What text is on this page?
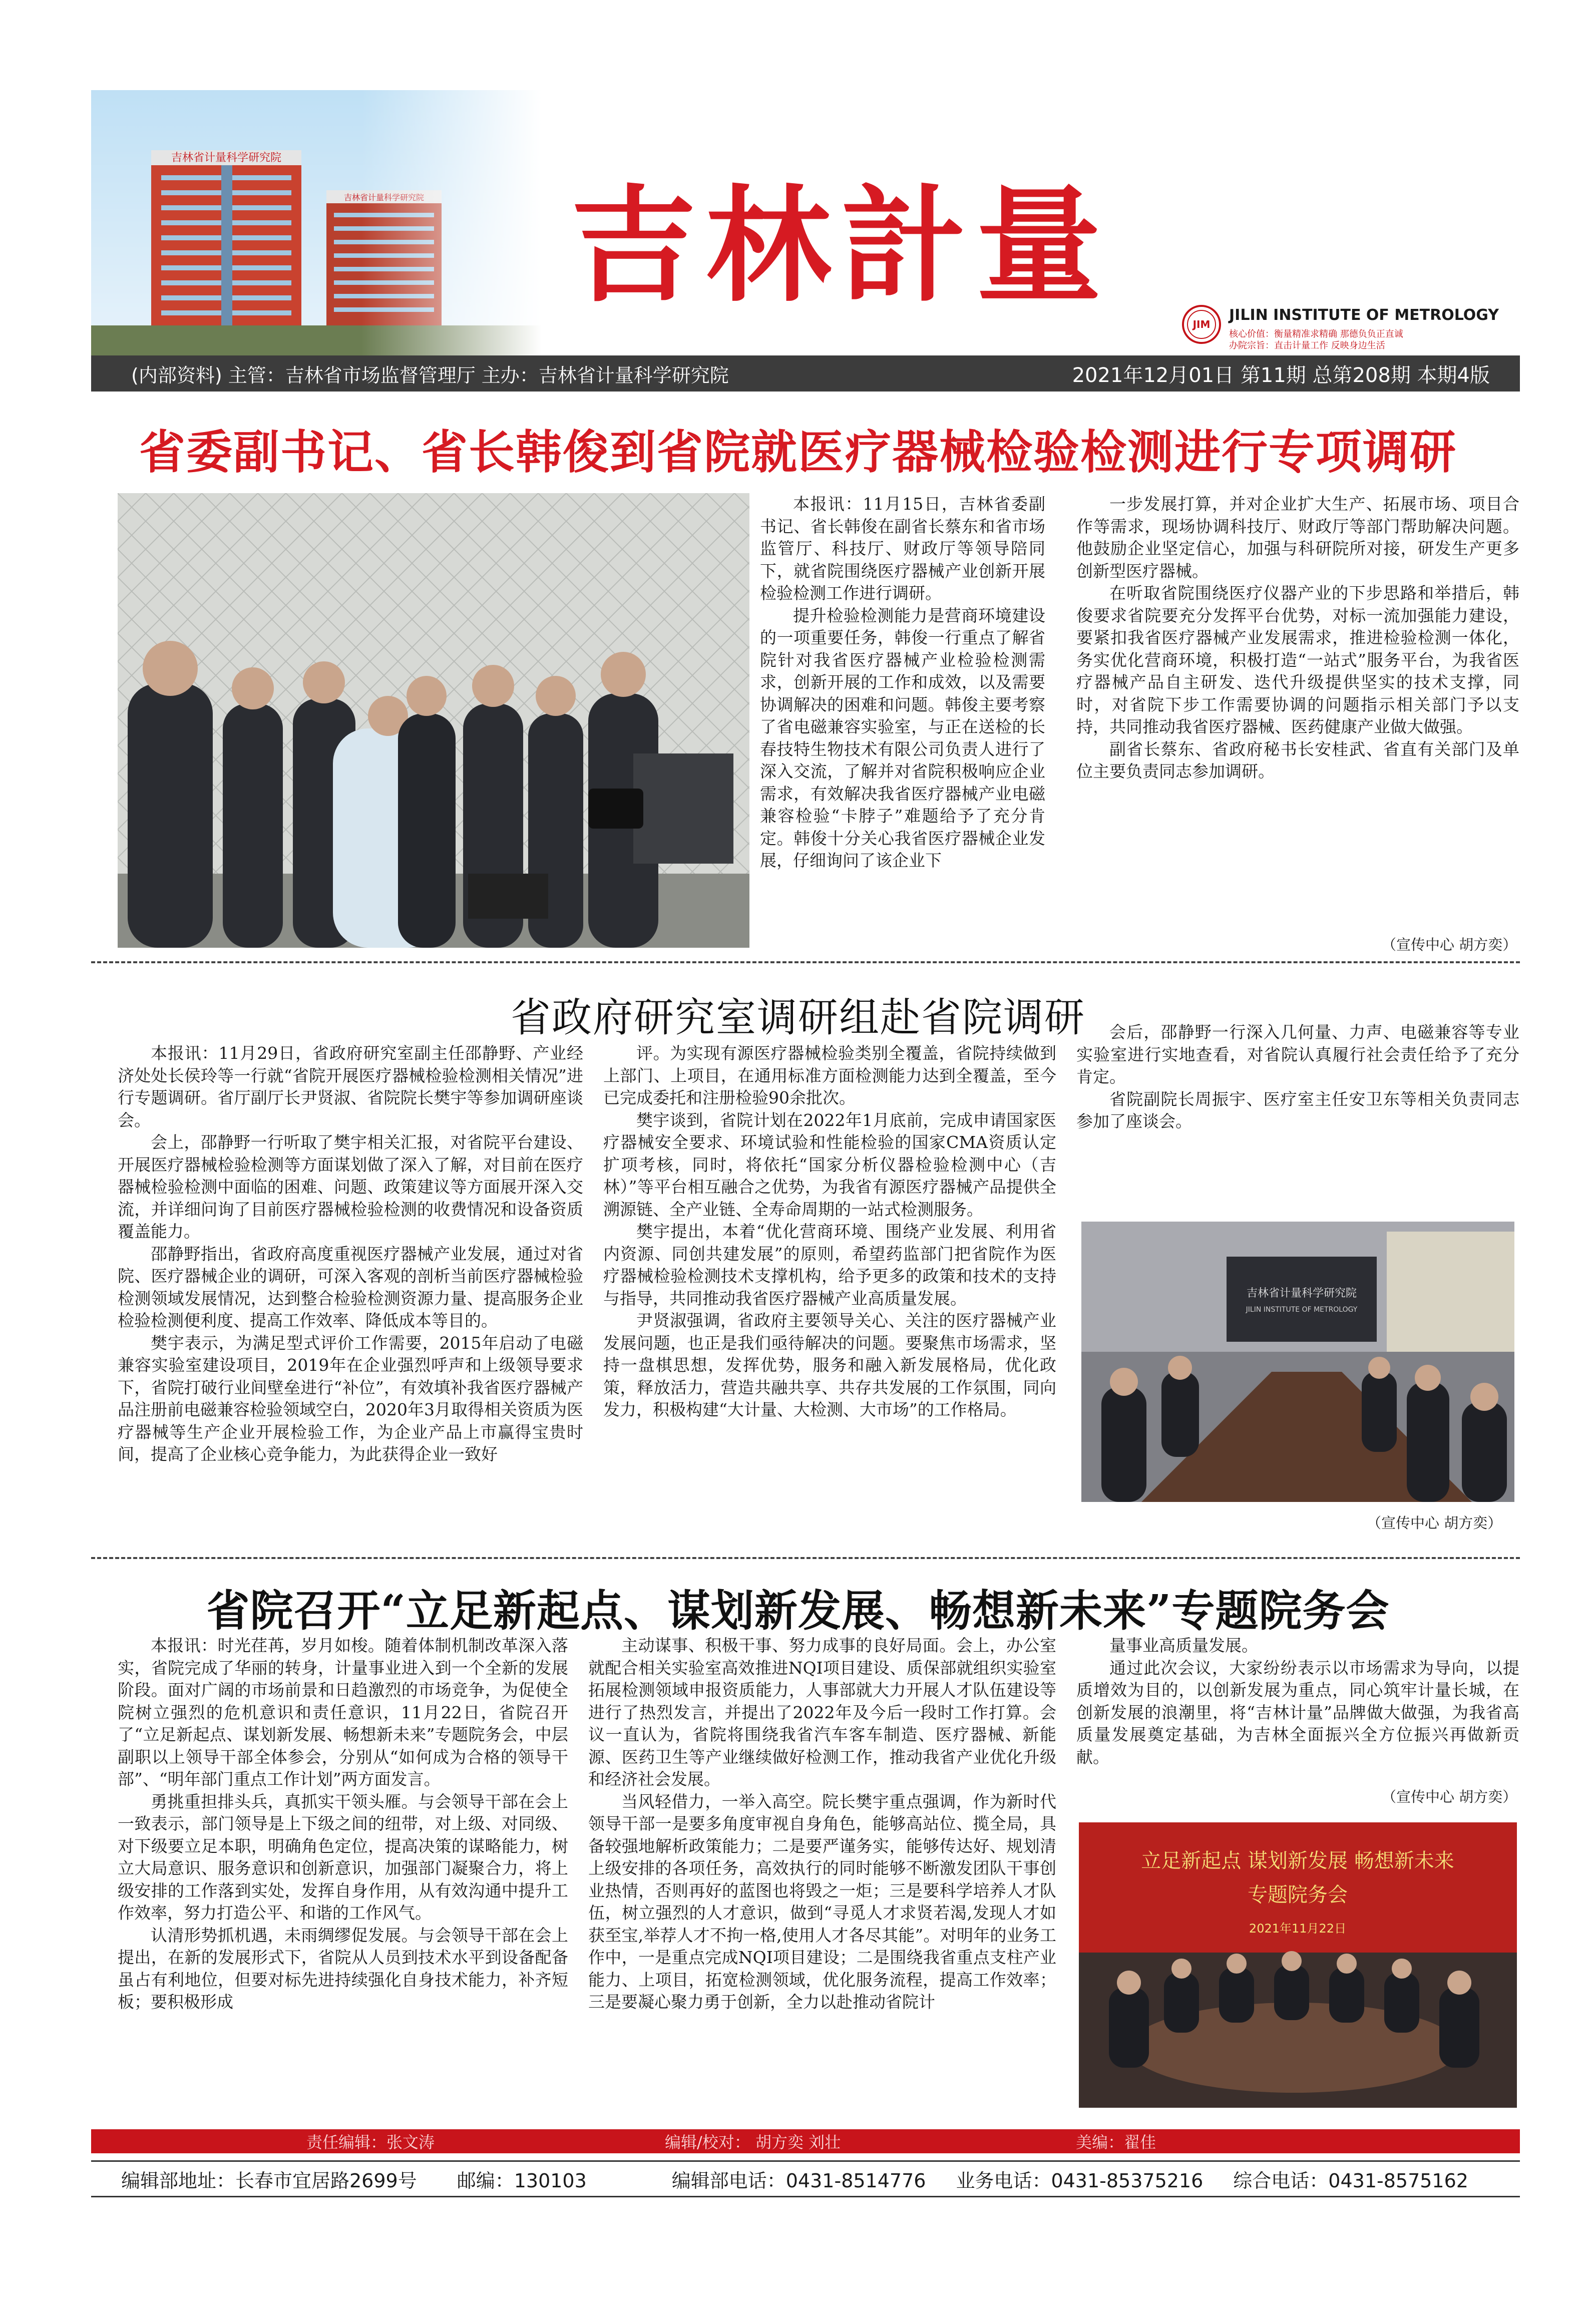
吉林計量
JIM
JILIN INSTITUTE OF METROLOGY
核心价值：衡量精准求精确 那德负负正直诚
办院宗旨：直击计量工作 反映身边生活
(内部资料) 主管：吉林省市场监督管理厅 主办：吉林省计量科学研究院	2021年12月01日 第11期 总第208期 本期4版
省委副书记、省长韩俊到省院就医疗器械检验检测进行专项调研

本报讯：11月15日，吉林省委副书记、省长韩俊在副省长蔡东和省市场监管厅、科技厅、财政厅等领导陪同下，就省院围绕医疗器械产业创新开展检验检测工作进行调研。

提升检验检测能力是营商环境建设的一项重要任务，韩俊一行重点了解省院针对我省医疗器械产业检验检测需求，创新开展的工作和成效，以及需要协调解决的困难和问题。韩俊主要考察了省电磁兼容实验室，与正在送检的长春技特生物技术有限公司负责人进行了深入交流，了解并对省院积极响应企业需求，有效解决我省医疗器械产业电磁兼容检验“卡脖子”难题给予了充分肯定。韩俊十分关心我省医疗器械企业发展，仔细询问了该企业下

一步发展打算，并对企业扩大生产、拓展市场、项目合作等需求，现场协调科技厅、财政厅等部门帮助解决问题。他鼓励企业坚定信心，加强与科研院所对接，研发生产更多创新型医疗器械。

在听取省院围绕医疗仪器产业的下步思路和举措后，韩俊要求省院要充分发挥平台优势，对标一流加强能力建设，要紧扣我省医疗器械产业发展需求，推进检验检测一体化，务实优化营商环境，积极打造“一站式”服务平台，为我省医疗器械产品自主研发、迭代升级提供坚实的技术支撑，同时，对省院下步工作需要协调的问题指示相关部门予以支持，共同推动我省医疗器械、医药健康产业做大做强。

副省长蔡东、省政府秘书长安桂武、省直有关部门及单位主要负责同志参加调研。

（宣传中心 胡方奕）
省政府研究室调研组赴省院调研

本报讯：11月29日，省政府研究室副主任邵静野、产业经济处处长侯玲等一行就“省院开展医疗器械检验检测相关情况”进行专题调研。省厅副厅长尹贤淑、省院院长樊宇等参加调研座谈会。

会上，邵静野一行听取了樊宇相关汇报，对省院平台建设、开展医疗器械检验检测等方面谋划做了深入了解，对目前在医疗器械检验检测中面临的困难、问题、政策建议等方面展开深入交流，并详细问询了目前医疗器械检验检测的收费情况和设备资质覆盖能力。

邵静野指出，省政府高度重视医疗器械产业发展，通过对省院、医疗器械企业的调研，可深入客观的剖析当前医疗器械检验检测领域发展情况，达到整合检验检测资源力量、提高服务企业检验检测便利度、提高工作效率、降低成本等目的。

樊宇表示，为满足型式评价工作需要，2015年启动了电磁兼容实验室建设项目，2019年在企业强烈呼声和上级领导要求下，省院打破行业间壁垒进行“补位”，有效填补我省医疗器械产品注册前电磁兼容检验领域空白，2020年3月取得相关资质为医疗器械等生产企业开展检验工作，为企业产品上市赢得宝贵时间，提高了企业核心竞争能力，为此获得企业一致好

评。为实现有源医疗器械检验类别全覆盖，省院持续做到上部门、上项目，在通用标准方面检测能力达到全覆盖，至今已完成委托和注册检验90余批次。

樊宇谈到，省院计划在2022年1月底前，完成申请国家医疗器械安全要求、环境试验和性能检验的国家CMA资质认定扩项考核，同时，将依托“国家分析仪器检验检测中心（吉林）”等平台相互融合之优势，为我省有源医疗器械产品提供全溯源链、全产业链、全寿命周期的一站式检测服务。

樊宇提出，本着“优化营商环境、围绕产业发展、利用省内资源、同创共建发展”的原则，希望药监部门把省院作为医疗器械检验检测技术支撑机构，给予更多的政策和技术的支持与指导，共同推动我省医疗器械产业高质量发展。

尹贤淑强调，省政府主要领导关心、关注的医疗器械产业发展问题，也正是我们亟待解决的问题。要聚焦市场需求，坚持一盘棋思想，发挥优势，服务和融入新发展格局，优化政策，释放活力，营造共融共享、共存共发展的工作氛围，同向发力，积极构建“大计量、大检测、大市场”的工作格局。

会后，邵静野一行深入几何量、力声、电磁兼容等专业实验室进行实地查看，对省院认真履行社会责任给予了充分肯定。

省院副院长周振宇、医疗室主任安卫东等相关负责同志参加了座谈会。

吉林省计量科学研究院
JILIN INSTITUTE OF METROLOGY
（宣传中心 胡方奕）
省院召开“立足新起点、谋划新发展、畅想新未来”专题院务会

本报讯：时光荏苒，岁月如梭。随着体制机制改革深入落实，省院完成了华丽的转身，计量事业进入到一个全新的发展阶段。面对广阔的市场前景和日趋激烈的市场竞争，为促使全院树立强烈的危机意识和责任意识，11月22日，省院召开了“立足新起点、谋划新发展、畅想新未来”专题院务会，中层副职以上领导干部全体参会，分别从“如何成为合格的领导干部”、“明年部门重点工作计划”两方面发言。

勇挑重担排头兵，真抓实干领头雁。与会领导干部在会上一致表示，部门领导是上下级之间的纽带，对上级、对同级、对下级要立足本职，明确角色定位，提高决策的谋略能力，树立大局意识、服务意识和创新意识，加强部门凝聚合力，将上级安排的工作落到实处，发挥自身作用，从有效沟通中提升工作效率，努力打造公平、和谐的工作风气。

认清形势抓机遇，未雨绸缪促发展。与会领导干部在会上提出，在新的发展形式下，省院从人员到技术水平到设备配备虽占有利地位，但要对标先进持续强化自身技术能力，补齐短板；要积极形成

主动谋事、积极干事、努力成事的良好局面。会上，办公室就配合相关实验室高效推进NQI项目建设、质保部就组织实验室拓展检测领域申报资质能力，人事部就大力开展人才队伍建设等进行了热烈发言，并提出了2022年及今后一段时工作打算。会议一直认为，省院将围绕我省汽车客车制造、医疗器械、新能源、医药卫生等产业继续做好检测工作，推动我省产业优化升级和经济社会发展。

当风轻借力，一举入高空。院长樊宇重点强调，作为新时代领导干部一是要多角度审视自身角色，能够高站位、揽全局，具备较强地解析政策能力；二是要严谨务实，能够传达好、规划清上级安排的各项任务，高效执行的同时能够不断激发团队干事创业热情，否则再好的蓝图也将毁之一炬；三是要科学培养人才队伍，树立强烈的人才意识，做到“寻觅人才求贤若渴,发现人才如获至宝,举荐人才不拘一格,使用人才各尽其能”。对明年的业务工作中，一是重点完成NQI项目建设；二是围绕我省重点支柱产业能力、上项目，拓宽检测领域，优化服务流程，提高工作效率；三是要凝心聚力勇于创新，全力以赴推动省院计

量事业高质量发展。

通过此次会议，大家纷纷表示以市场需求为导向，以提质增效为目的，以创新发展为重点，同心筑牢计量长城，在创新发展的浪潮里，将“吉林计量”品牌做大做强，为我省高质量发展奠定基础，为吉林全面振兴全方位振兴再做新贡献。

（宣传中心 胡方奕）
立足新起点 谋划新发展 畅想新未来
专题院务会
2021年11月22日
责任编辑：张文涛	编辑/校对： 胡方奕 刘壮	美编：翟佳
编辑部地址：长春市宜居路2699号 邮编：130103	编辑部电话：0431-8514776 业务电话：0431-85375216 综合电话：0431-8575162
